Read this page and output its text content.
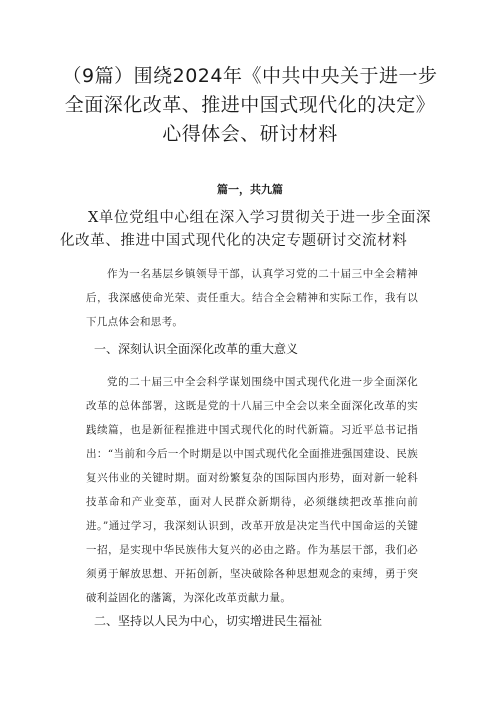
（9篇）围绕2024年《中共中央关于进一步全面深化改革、推进中国式现代化的决定》心得体会、研讨材料
篇一，共九篇

X单位党组中心组在深入学习贯彻关于进一步全面深化改革、推进中国式现代化的决定专题研讨交流材料

作为一名基层乡镇领导干部，认真学习党的二十届三中全会精神后，我深感使命光荣、责任重大。结合全会精神和实际工作，我有以下几点体会和思考。

一、深刻认识全面深化改革的重大意义

党的二十届三中全会科学谋划围绕中国式现代化进一步全面深化改革的总体部署，这既是党的十八届三中全会以来全面深化改革的实践续篇，也是新征程推进中国式现代化的时代新篇。习近平总书记指出：“当前和今后一个时期是以中国式现代化全面推进强国建设、民族复兴伟业的关键时期。面对纷繁复杂的国际国内形势，面对新一轮科技革命和产业变革，面对人民群众新期待，必须继续把改革推向前进。”通过学习，我深刻认识到，改革开放是决定当代中国命运的关键一招，是实现中华民族伟大复兴的必由之路。作为基层干部，我们必须勇于解放思想、开拓创新，坚决破除各种思想观念的束缚，勇于突破利益固化的藩篱，为深化改革贡献力量。

二、坚持以人民为中心，切实增进民生福祉
